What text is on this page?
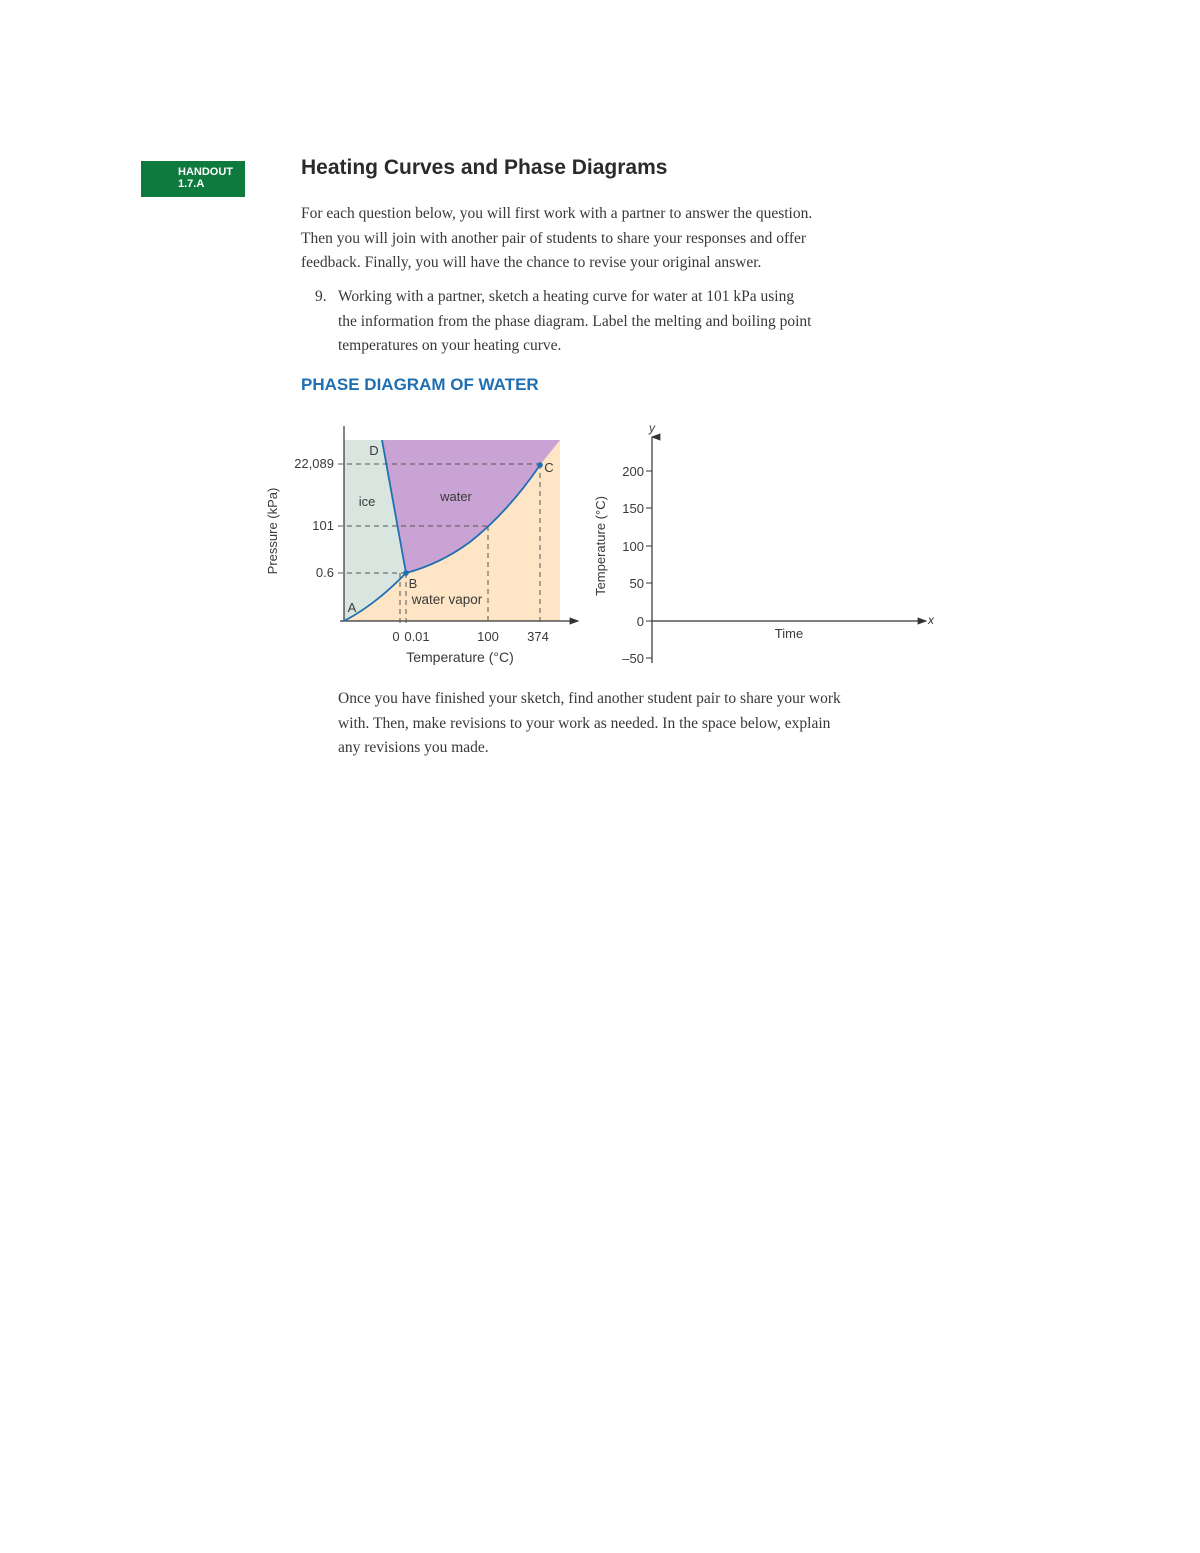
HANDOUT
1.7.A
Heating Curves and Phase Diagrams
For each question below, you will first work with a partner to answer the question.
Then you will join with another pair of students to share your responses and offer
feedback. Finally, you will have the chance to revise your original answer.
9. Working with a partner, sketch a heating curve for water at 101 kPa using
the information from the phase diagram. Label the melting and boiling point
temperatures on your heating curve.
PHASE DIAGRAM OF WATER
22,089
101
0.6
0 0.01	100 374
Temperature (°C)
Pressure (kPa)	ice	water
water vapor
A
B
C
D
200
150
100
50
0
–50
y
x
Time
Temperature (°C)
Once you have finished your sketch, find another student pair to share your work
with. Then, make revisions to your work as needed. In the space below, explain
any revisions you made.
